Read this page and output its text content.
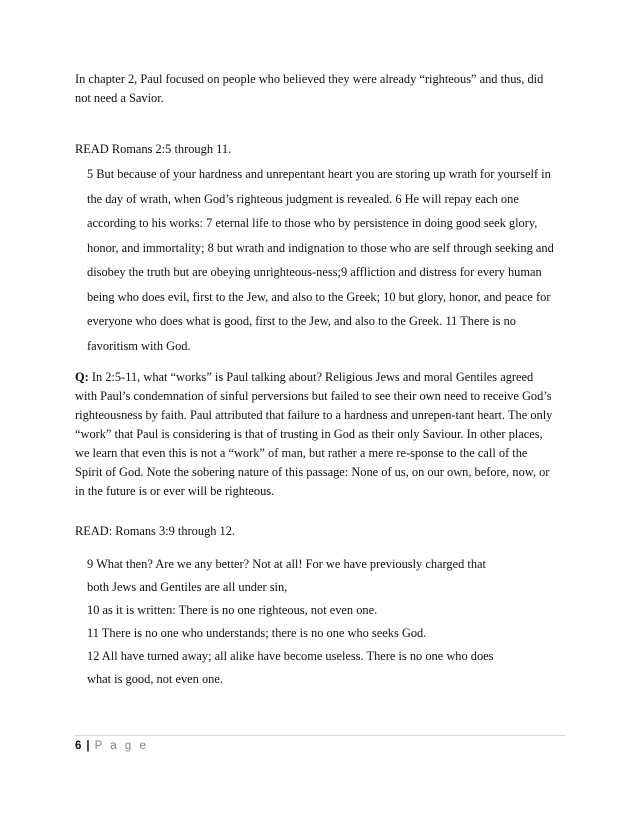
In chapter 2, Paul focused on people who believed they were already “righteous” and thus, did not need a Savior.

READ Romans 2:5 through 11.

5 But because of your hardness and unrepentant heart you are storing up wrath for yourself in the day of wrath, when God’s righteous judgment is revealed. 6 He will repay each one according to his works: 7 eternal life to those who by persistence in doing good seek glory, honor, and immortality; 8 but wrath and indignation to those who are self through seeking and disobey the truth but are obeying unrighteous-ness;9 affliction and distress for every human being who does evil, first to the Jew, and also to the Greek; 10 but glory, honor, and peace for everyone who does what is good, first to the Jew, and also to the Greek. 11 There is no favoritism with God.

Q: In 2:5-11, what “works” is Paul talking about? Religious Jews and moral Gentiles agreed with Paul’s condemnation of sinful perversions but failed to see their own need to receive God’s righteousness by faith. Paul attributed that failure to a hardness and unrepen-tant heart. The only “work” that Paul is considering is that of trusting in God as their only Saviour. In other places, we learn that even this is not a “work” of man, but rather a mere re-sponse to the call of the Spirit of God. Note the sobering nature of this passage: None of us, on our own, before, now, or in the future is or ever will be righteous.

READ: Romans 3:9 through 12.

9 What then? Are we any better? Not at all! For we have previously charged that
both Jews and Gentiles are all under sin,
10 as it is written: There is no one righteous, not even one.
11 There is no one who understands; there is no one who seeks God.
12 All have turned away; all alike have become useless. There is no one who does
what is good, not even one.
6 | P a g e
